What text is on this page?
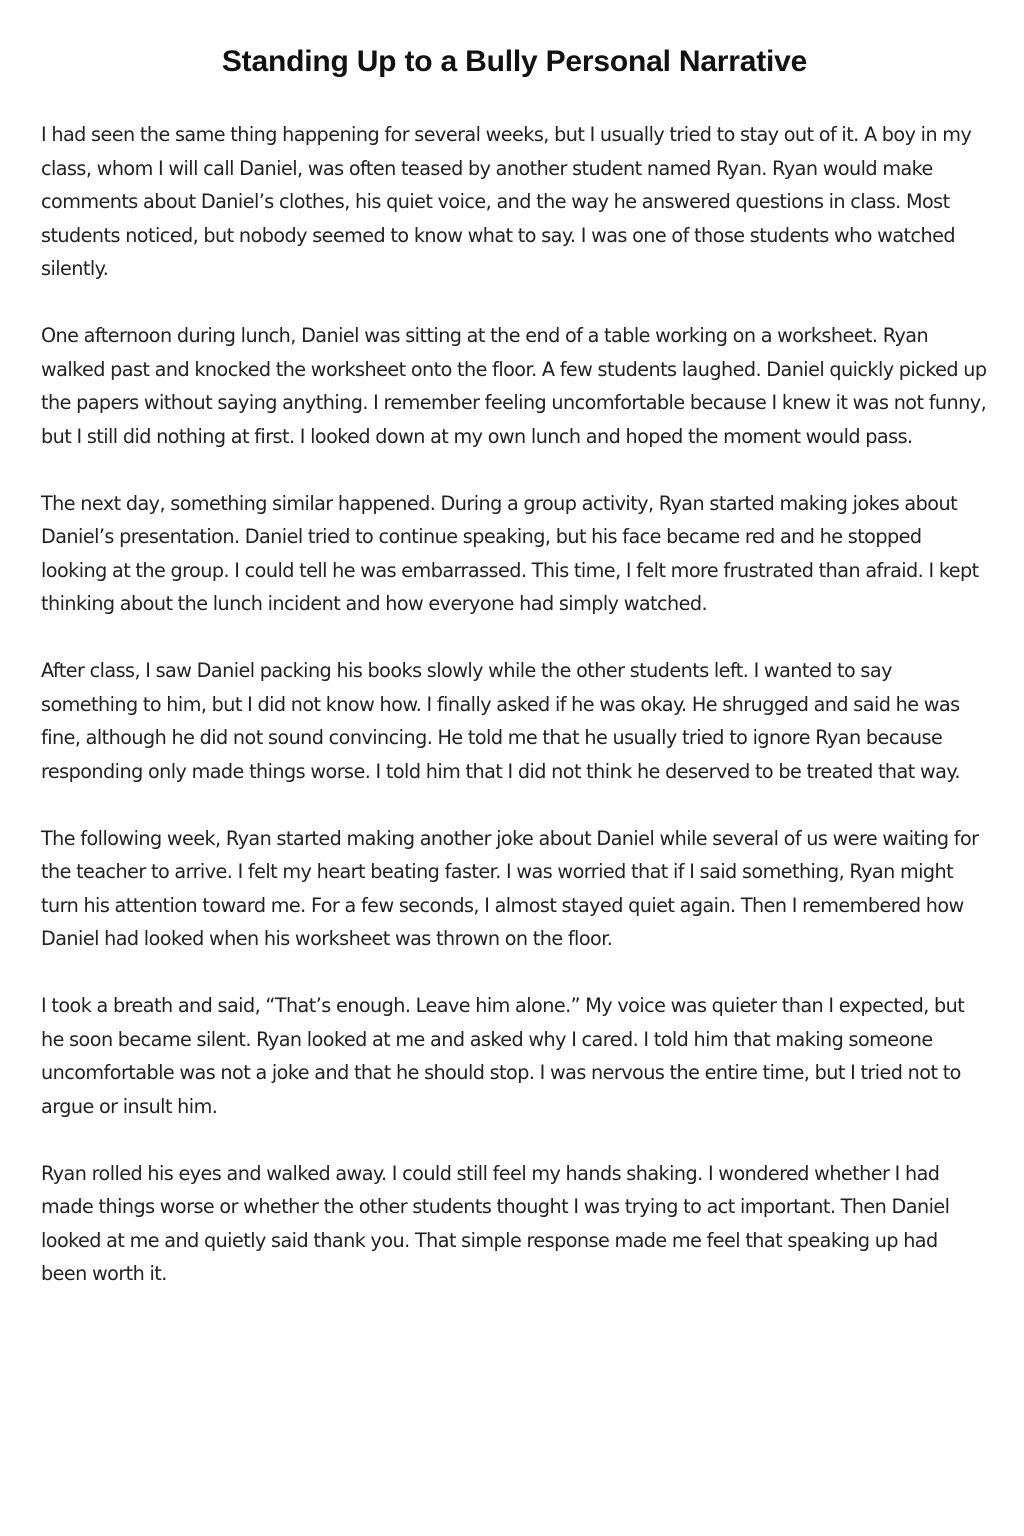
Standing Up to a Bully Personal Narrative

I had seen the same thing happening for several weeks, but I usually tried to stay out of it. A boy in my class, whom I will call Daniel, was often teased by another student named Ryan. Ryan would make comments about Daniel’s clothes, his quiet voice, and the way he answered questions in class. Most students noticed, but nobody seemed to know what to say. I was one of those students who watched silently.

One afternoon during lunch, Daniel was sitting at the end of a table working on a worksheet. Ryan walked past and knocked the worksheet onto the floor. A few students laughed. Daniel quickly picked up the papers without saying anything. I remember feeling uncomfortable because I knew it was not funny, but I still did nothing at first. I looked down at my own lunch and hoped the moment would pass.

The next day, something similar happened. During a group activity, Ryan started making jokes about Daniel’s presentation. Daniel tried to continue speaking, but his face became red and he stopped looking at the group. I could tell he was embarrassed. This time, I felt more frustrated than afraid. I kept thinking about the lunch incident and how everyone had simply watched.

After class, I saw Daniel packing his books slowly while the other students left. I wanted to say something to him, but I did not know how. I finally asked if he was okay. He shrugged and said he was fine, although he did not sound convincing. He told me that he usually tried to ignore Ryan because responding only made things worse. I told him that I did not think he deserved to be treated that way.

The following week, Ryan started making another joke about Daniel while several of us were waiting for the teacher to arrive. I felt my heart beating faster. I was worried that if I said something, Ryan might turn his attention toward me. For a few seconds, I almost stayed quiet again. Then I remembered how Daniel had looked when his worksheet was thrown on the floor.

I took a breath and said, “That’s enough. Leave him alone.” My voice was quieter than I expected, but he soon became silent. Ryan looked at me and asked why I cared. I told him that making someone uncomfortable was not a joke and that he should stop. I was nervous the entire time, but I tried not to argue or insult him.

Ryan rolled his eyes and walked away. I could still feel my hands shaking. I wondered whether I had made things worse or whether the other students thought I was trying to act important. Then Daniel looked at me and quietly said thank you. That simple response made me feel that speaking up had been worth it.
